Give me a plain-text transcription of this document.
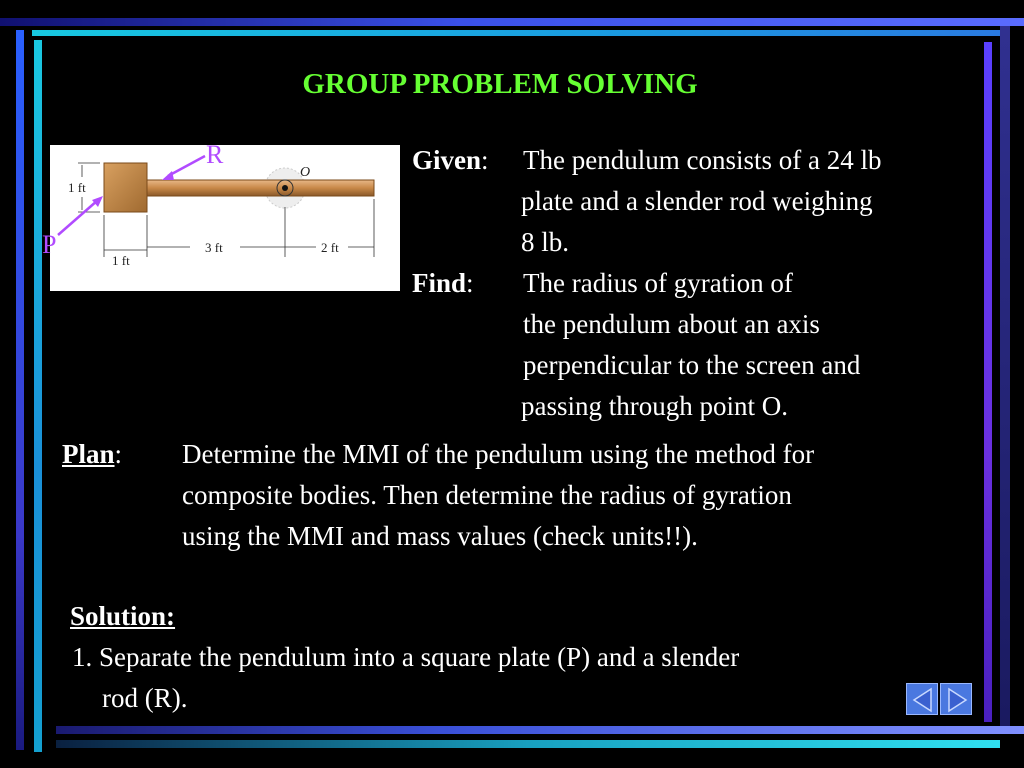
GROUP PROBLEM SOLVING
O
1 ft
3 ft	2 ft
1 ft
R
P
Given: The pendulum consists of a 24 lb
plate and a slender rod weighing
8 lb.
Find: The radius of gyration of
the pendulum about an axis
perpendicular to the screen and
passing through point O.
Plan: Determine the MMI of the pendulum using the method for
composite bodies. Then determine the radius of gyration
using the MMI and mass values (check units!!).
Solution:
1. Separate the pendulum into a square plate (P) and a slender
rod (R).
